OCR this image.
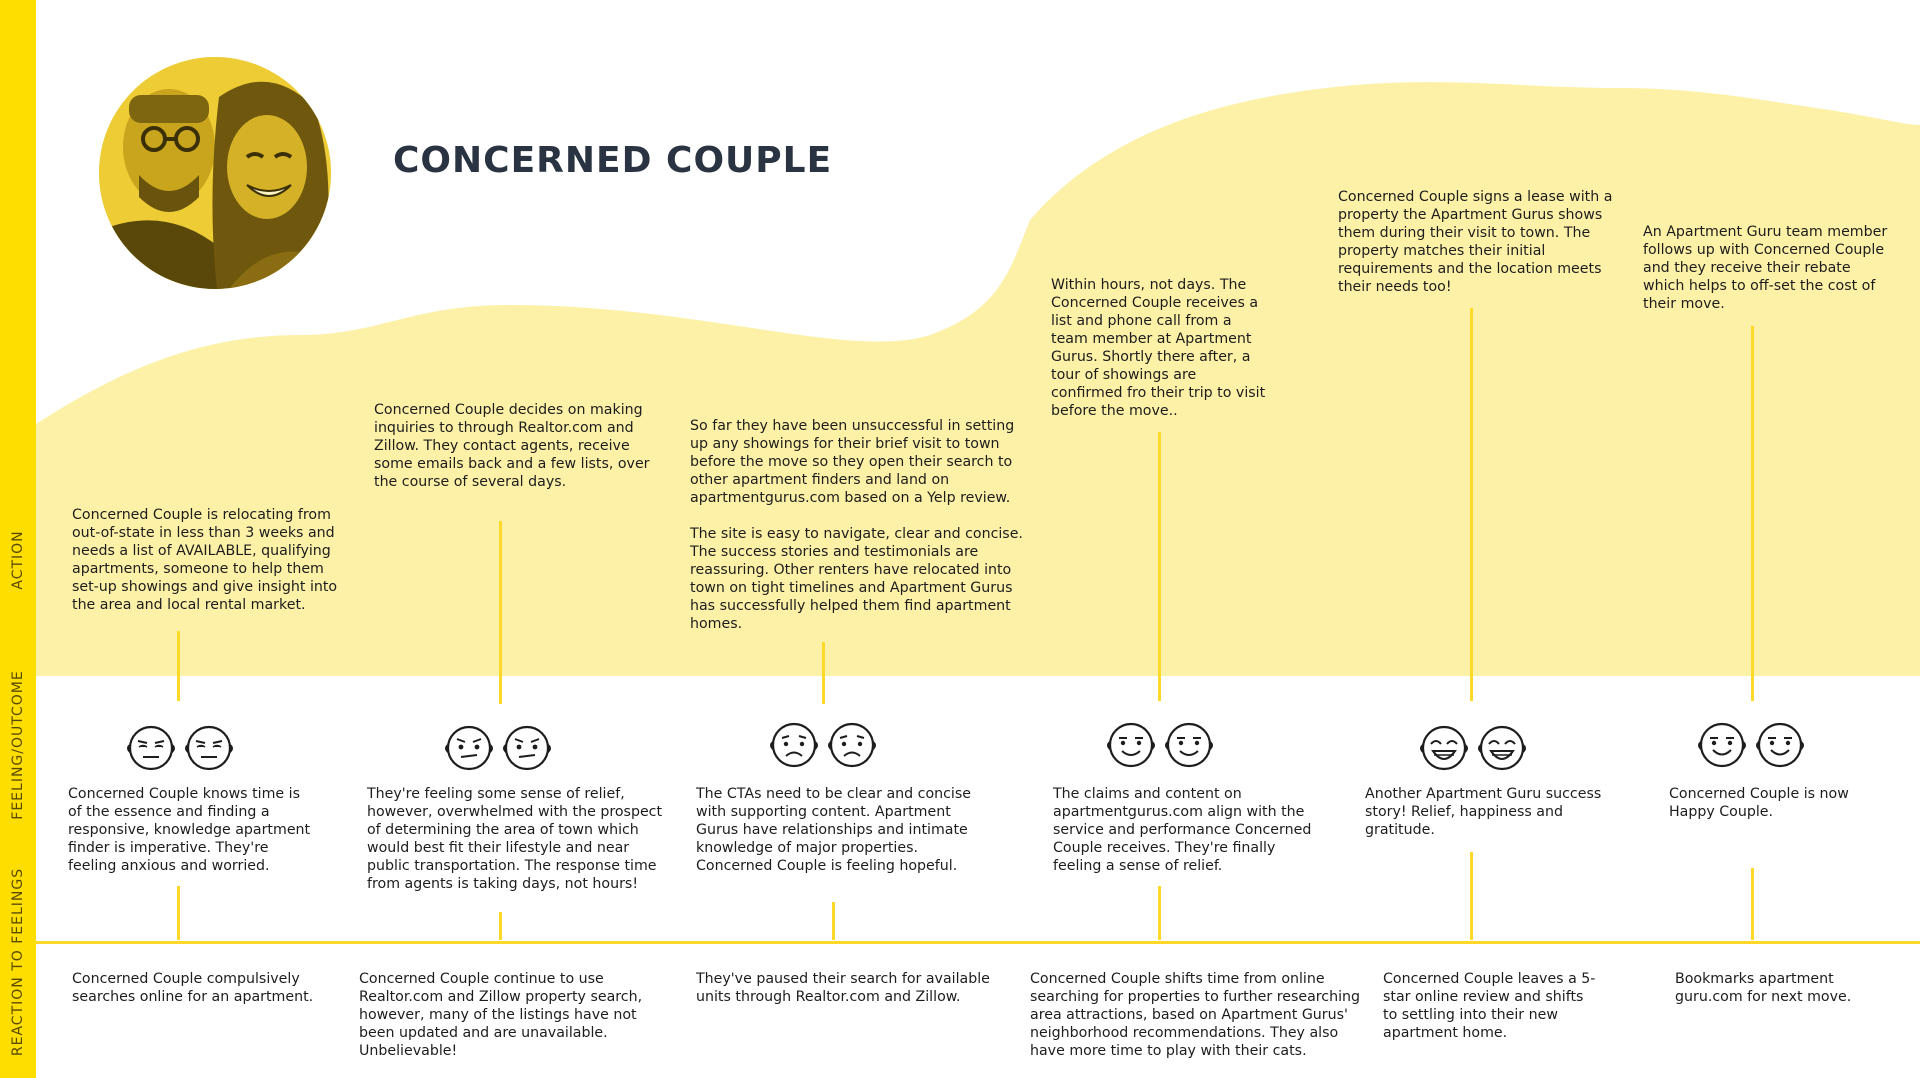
ACTION
FEELING/OUTCOME
REACTION TO FEELINGS
CONCERNED COUPLE
Concerned Couple is relocating from
out-of-state in less than 3 weeks and
needs a list of AVAILABLE, qualifying
apartments, someone to help them
set-up showings and give insight into
the area and local rental market.
Concerned Couple knows time is
of the essence and finding a
responsive, knowledge apartment
finder is imperative. They're
feeling anxious and worried.
Concerned Couple compulsively
searches online for an apartment.
Concerned Couple decides on making
inquiries to through Realtor.com and
Zillow. They contact agents, receive
some emails back and a few lists, over
the course of several days.
They're feeling some sense of relief,
however, overwhelmed with the prospect
of determining the area of town which
would best fit their lifestyle and near
public transportation. The response time
from agents is taking days, not hours!
Concerned Couple continue to use
Realtor.com and Zillow property search,
however, many of the listings have not
been updated and are unavailable.
Unbelievable!
So far they have been unsuccessful in setting
up any showings for their brief visit to town
before the move so they open their search to
other apartment finders and land on
apartmentgurus.com based on a Yelp review.

The site is easy to navigate, clear and concise.
The success stories and testimonials are
reassuring. Other renters have relocated into
town on tight timelines and Apartment Gurus
has successfully helped them find apartment
homes.
The CTAs need to be clear and concise
with supporting content. Apartment
Gurus have relationships and intimate
knowledge of major properties.
Concerned Couple is feeling hopeful.
They've paused their search for available
units through Realtor.com and Zillow.
Within hours, not days. The
Concerned Couple receives a
list and phone call from a
team member at Apartment
Gurus. Shortly there after, a
tour of showings are
confirmed fro their trip to visit
before the move..
The claims and content on
apartmentgurus.com align with the
service and performance Concerned
Couple receives. They're finally
feeling a sense of relief.
Concerned Couple shifts time from online
searching for properties to further researching
area attractions, based on Apartment Gurus'
neighborhood recommendations. They also
have more time to play with their cats.
Concerned Couple signs a lease with a
property the Apartment Gurus shows
them during their visit to town. The
property matches their initial
requirements and the location meets
their needs too!
Another Apartment Guru success
story! Relief, happiness and
gratitude.
Concerned Couple leaves a 5-
star online review and shifts
to settling into their new
apartment home.
An Apartment Guru team member
follows up with Concerned Couple
and they receive their rebate
which helps to off-set the cost of
their move.
Concerned Couple is now
Happy Couple.
Bookmarks apartment
guru.com for next move.
